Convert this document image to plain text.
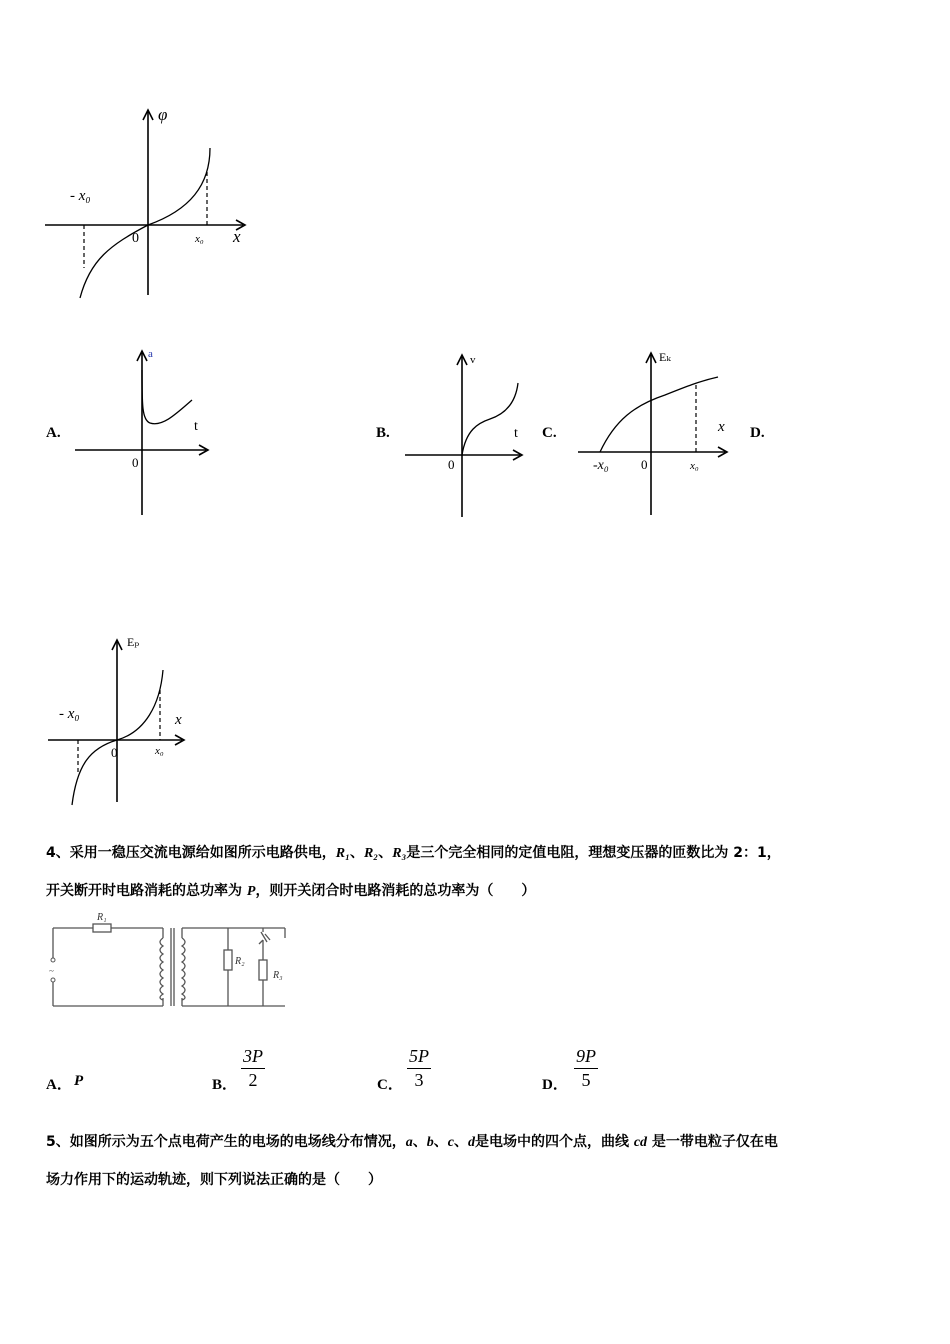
φ
x
0
- x₀
x₀
A.
a
t
0
B.
v
t
0
C.
Eₖ
x
0
-x₀	x₀
D.
Eₚ
x
0
- x₀
x₀
4、采用一稳压交流电源给如图所示电路供电，R₁、R₂、R₃是三个完全相同的定值电阻，理想变压器的匝数比为 2：1，
开关断开时电路消耗的总功率为 P，则开关闭合时电路消耗的总功率为（　　）
~
R₁
R₂
R₃
A． P	B． $\frac{3P}{2}$	C． $\frac{5P}{3}$	D． $\frac{9P}{5}$
5、如图所示为五个点电荷产生的电场的电场线分布情况，a、b、c、d是电场中的四个点，曲线 cd 是一带电粒子仅在电
场力作用下的运动轨迹，则下列说法正确的是（　　）
